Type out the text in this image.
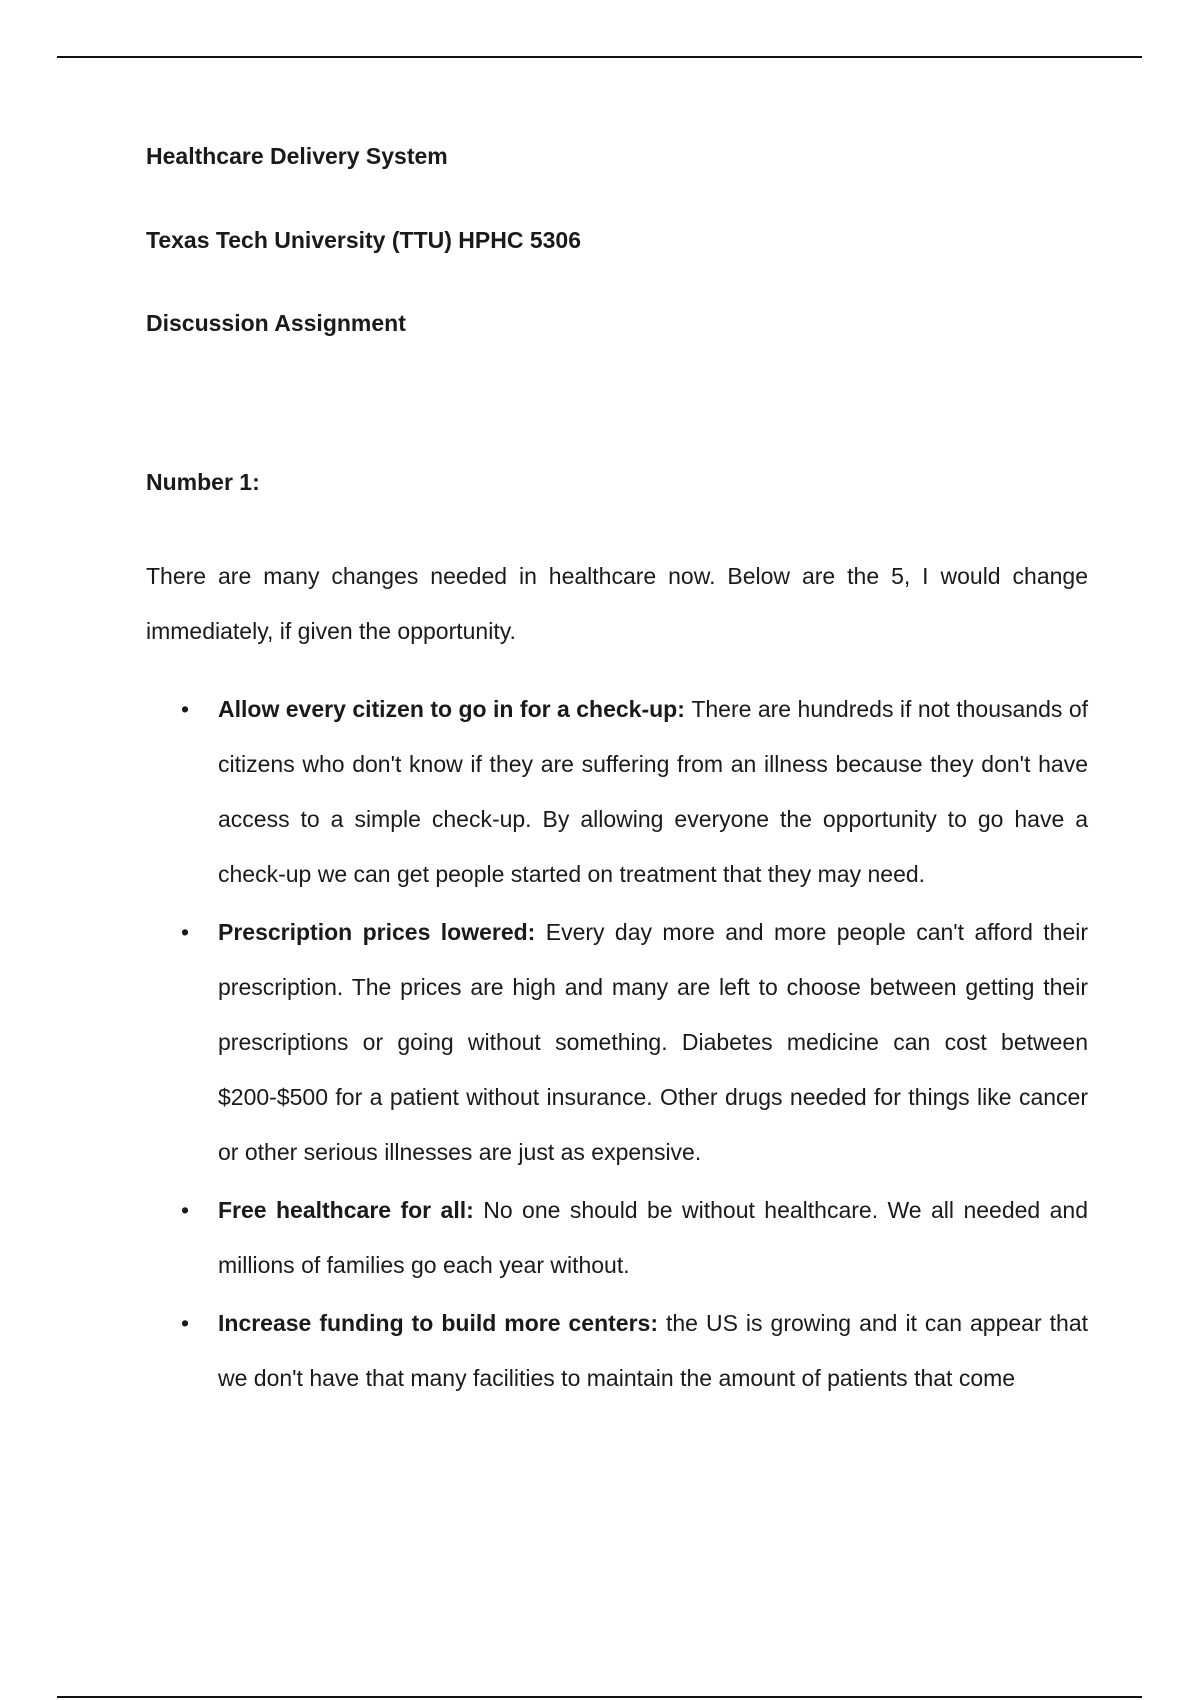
Healthcare Delivery System

Texas Tech University (TTU) HPHC 5306

Discussion Assignment

Number 1:

There are many changes needed in healthcare now. Below are the 5, I would change immediately, if given the opportunity.

• Allow every citizen to go in for a check-up: There are hundreds if not thousands of citizens who don't know if they are suffering from an illness because they don't have access to a simple check-up. By allowing everyone the opportunity to go have a check-up we can get people started on treatment that they may need.
• Prescription prices lowered: Every day more and more people can't afford their prescription. The prices are high and many are left to choose between getting their prescriptions or going without something. Diabetes medicine can cost between $200-$500 for a patient without insurance. Other drugs needed for things like cancer or other serious illnesses are just as expensive.
• Free healthcare for all: No one should be without healthcare. We all needed and millions of families go each year without.
• Increase funding to build more centers: the US is growing and it can appear that we don't have that many facilities to maintain the amount of patients that come
